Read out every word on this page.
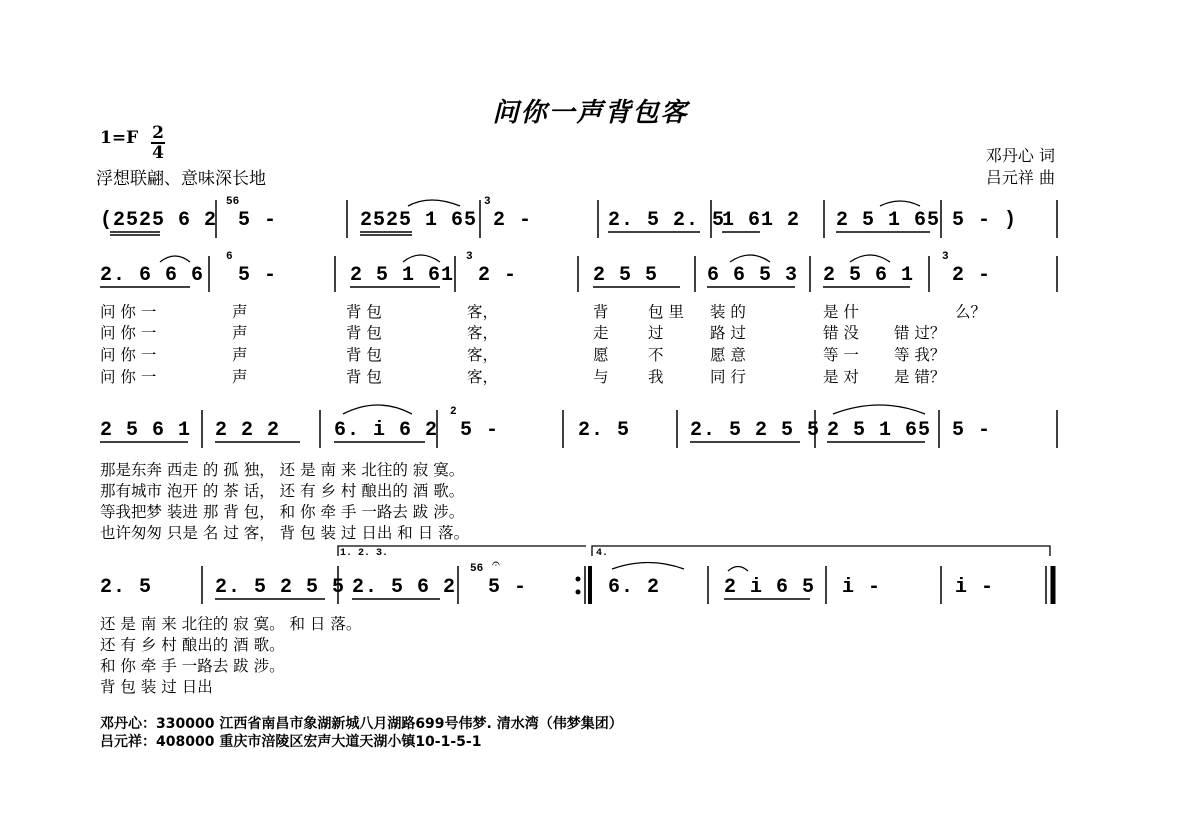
问你一声背包客
1=F 2
4
浮想联翩、意味深长地
邓丹心 词
吕元祥 曲
(2525 6 2 5 -	2525 1 65 2 -	2. 5 2. 5
1 61 2 2 5 1 65 5 - )
56	3
2. 6 6 6 5 -	2 5 1 61 2 -	2 5 5 6 6 5 3 2 5 6 1 2 -
6	3	3
问 你 一	声	背 包	客，	背	包 里 装 的	是 什	么？
问 你 一	声	背 包	客，	走	过	路 过	错 没 错 过？
问 你 一	声	背 包	客，	愿	不	愿 意	等 一 等 我？
问 你 一	声	背 包	客，	与	我	同 行	是 对 是 错？
2 5 6 1 2 2 2	6. i 6 2 5 -	2. 5	2. 5 2 5 5 2 5 1 65 5 -
2
那是东奔 西走 的 孤 独， 还 是 南 来 北往的 寂 寞。
那有城市 泡开 的 茶 话， 还 有 乡 村 酿出的 酒 歌。
等我把梦 装进 那 背 包， 和 你 牵 手 一路去 跋 涉。
也许匆匆 只是 名 过 客， 背 包 装 过 日出 和 日 落。
1. 2. 3.	4.
2. 5	2. 5 2 5 5 2. 5 6 2 5 -	6. 2	2 i 6 5 i -	i -
56 𝄐
还 是 南 来 北往的 寂 寞。 和 日 落。
还 有 乡 村 酿出的 酒 歌。
和 你 牵 手 一路去 跋 涉。
背 包 装 过 日出
邓丹心：330000 江西省南昌市象湖新城八月湖路699号伟梦. 清水湾（伟梦集团）
吕元祥：408000 重庆市涪陵区宏声大道天湖小镇10-1-5-1
